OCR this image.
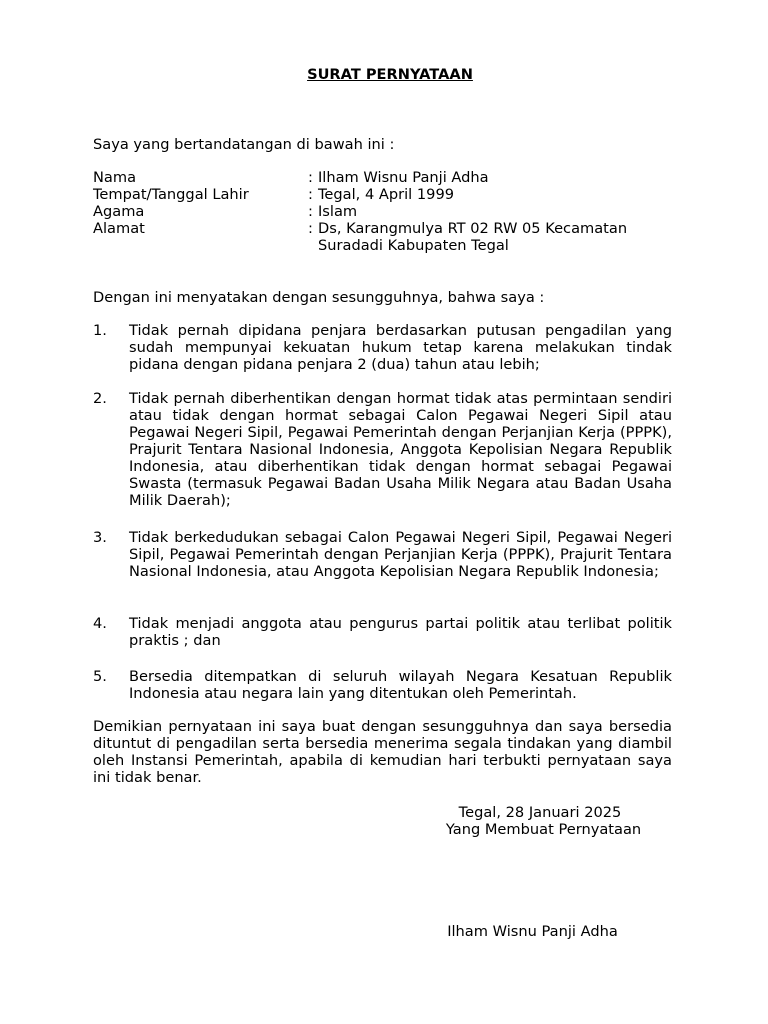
SURAT PERNYATAAN

Saya yang bertandatangan di bawah ini :

Nama	: Ilham Wisnu Panji Adha
Tempat/Tanggal Lahir	: Tegal, 4 April 1999
Agama	: Islam
Alamat	: Ds, Karangmulya RT 02 RW 05 Kecamatan Suradadi Kabupaten Tegal

Dengan ini menyatakan dengan sesungguhnya, bahwa saya :

1.	Tidak pernah dipidana penjara berdasarkan putusan pengadilan yang sudah mempunyai kekuatan hukum tetap karena melakukan tindak pidana dengan pidana penjara 2 (dua) tahun atau lebih;
2.	Tidak pernah diberhentikan dengan hormat tidak atas permintaan sendiri atau tidak dengan hormat sebagai Calon Pegawai Negeri Sipil atau Pegawai Negeri Sipil, Pegawai Pemerintah dengan Perjanjian Kerja (PPPK), Prajurit Tentara Nasional Indonesia, Anggota Kepolisian Negara Republik Indonesia, atau diberhentikan tidak dengan hormat sebagai Pegawai Swasta (termasuk Pegawai Badan Usaha Milik Negara atau Badan Usaha Milik Daerah);
3.	Tidak berkedudukan sebagai Calon Pegawai Negeri Sipil, Pegawai Negeri Sipil, Pegawai Pemerintah dengan Perjanjian Kerja (PPPK), Prajurit Tentara Nasional Indonesia, atau Anggota Kepolisian Negara Republik Indonesia;
4.	Tidak menjadi anggota atau pengurus partai politik atau terlibat politik praktis ; dan
5.	Bersedia ditempatkan di seluruh wilayah Negara Kesatuan Republik Indonesia atau negara lain yang ditentukan oleh Pemerintah.

Demikian pernyataan ini saya buat dengan sesungguhnya dan saya bersedia dituntut di pengadilan serta bersedia menerima segala tindakan yang diambil oleh Instansi Pemerintah, apabila di kemudian hari terbukti pernyataan saya ini tidak benar.

Tegal, 28 Januari 2025
Yang Membuat Pernyataan
Ilham Wisnu Panji Adha
